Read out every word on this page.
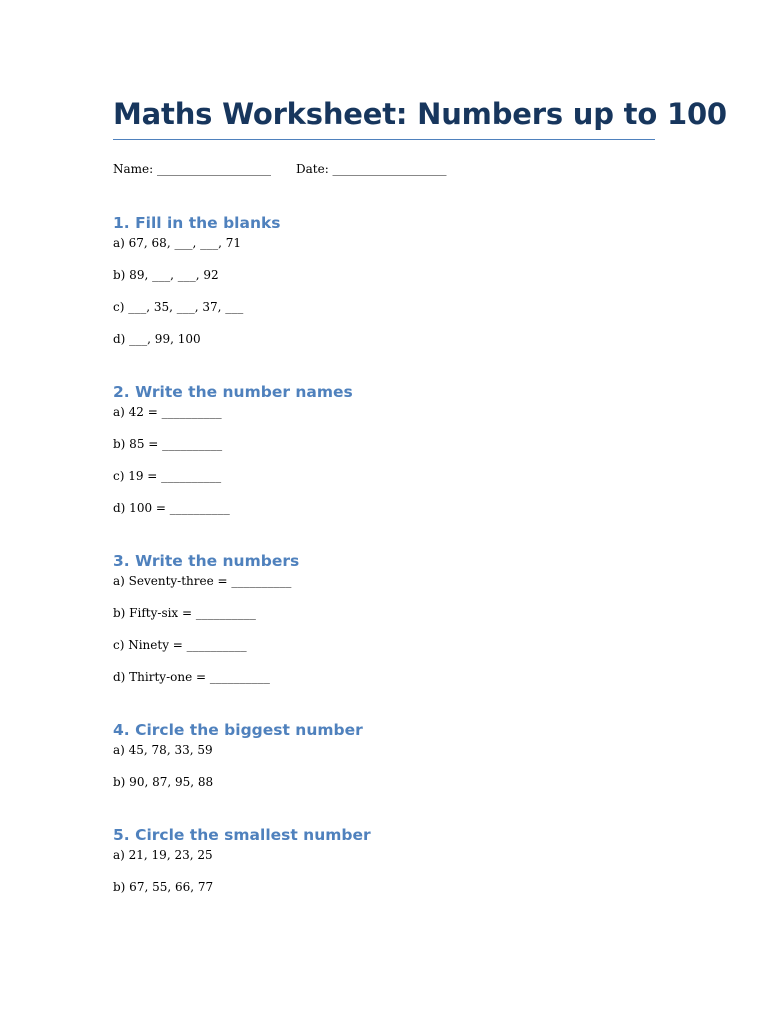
Maths Worksheet: Numbers up to 100
Name: ___________________ Date: ___________________
1. Fill in the blanks
a) 67, 68, ___, ___, 71
b) 89, ___, ___, 92
c) ___, 35, ___, 37, ___
d) ___, 99, 100
2. Write the number names
a) 42 = __________
b) 85 = __________
c) 19 = __________
d) 100 = __________
3. Write the numbers
a) Seventy-three = __________
b) Fifty-six = __________
c) Ninety = __________
d) Thirty-one = __________
4. Circle the biggest number
a) 45, 78, 33, 59
b) 90, 87, 95, 88
5. Circle the smallest number
a) 21, 19, 23, 25
b) 67, 55, 66, 77
